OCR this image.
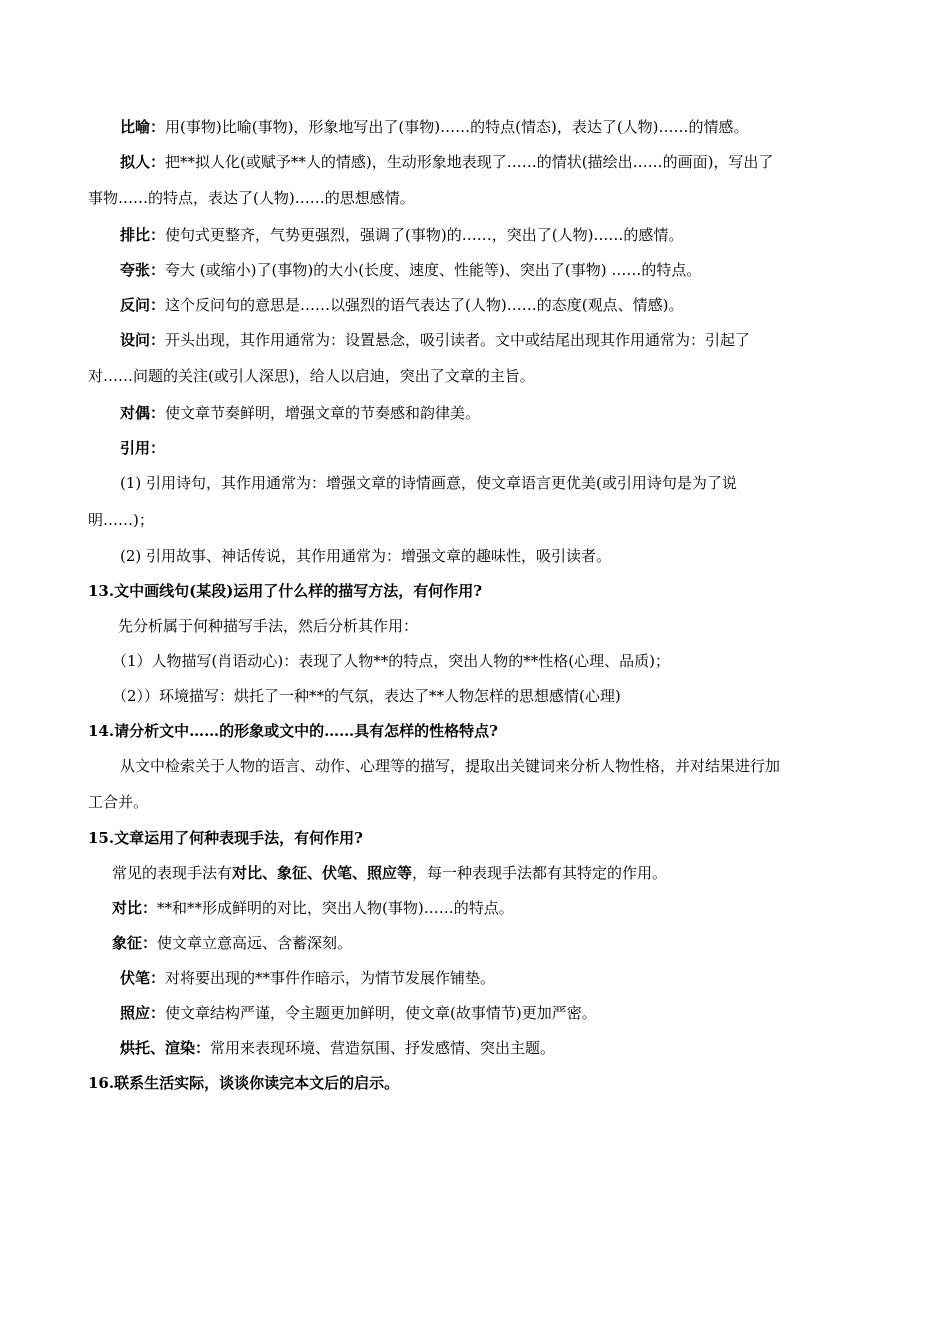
比喻：用(事物)比喻(事物)，形象地写出了(事物)……的特点(情态)，表达了(人物)……的情感。
拟人：把**拟人化(或赋予**人的情感)，生动形象地表现了……的情状(描绘出……的画面)，写出了
事物……的特点，表达了(人物)……的思想感情。
排比：使句式更整齐，气势更强烈，强调了(事物)的……，突出了(人物)……的感情。
夸张：夸大 (或缩小)了(事物)的大小(长度、速度、性能等)、突出了(事物) ……的特点。
反问：这个反问句的意思是……以强烈的语气表达了(人物)……的态度(观点、情感)。
设问：开头出现，其作用通常为：设置悬念，吸引读者。文中或结尾出现其作用通常为：引起了
对……问题的关注(或引人深思)，给人以启迪，突出了文章的主旨。
对偶：使文章节奏鲜明，增强文章的节奏感和韵律美。
引用：
(1) 引用诗句，其作用通常为：增强文章的诗情画意，使文章语言更优美(或引用诗句是为了说
明……)；
(2) 引用故事、神话传说，其作用通常为：增强文章的趣味性，吸引读者。
13.文中画线句(某段)运用了什么样的描写方法，有何作用?
先分析属于何种描写手法，然后分析其作用：
（1）人物描写(肖语动心)：表现了人物**的特点，突出人物的**性格(心理、品质)；
（2））环境描写：烘托了一种**的气氛，表达了**人物怎样的思想感情(心理)
14.请分析文中……的形象或文中的……具有怎样的性格特点?
从文中检索关于人物的语言、动作、心理等的描写，提取出关键词来分析人物性格，并对结果进行加
工合并。
15.文章运用了何种表现手法，有何作用?
常见的表现手法有对比、象征、伏笔、照应等，每一种表现手法都有其特定的作用。
对比：**和**形成鲜明的对比，突出人物(事物)……的特点。
象征：使文章立意高远、含蓄深刻。
伏笔：对将要出现的**事件作暗示，为情节发展作铺垫。
照应：使文章结构严谨，令主题更加鲜明，使文章(故事情节)更加严密。
烘托、渲染：常用来表现环境、营造氛围、抒发感情、突出主题。
16.联系生活实际，谈谈你读完本文后的启示。
